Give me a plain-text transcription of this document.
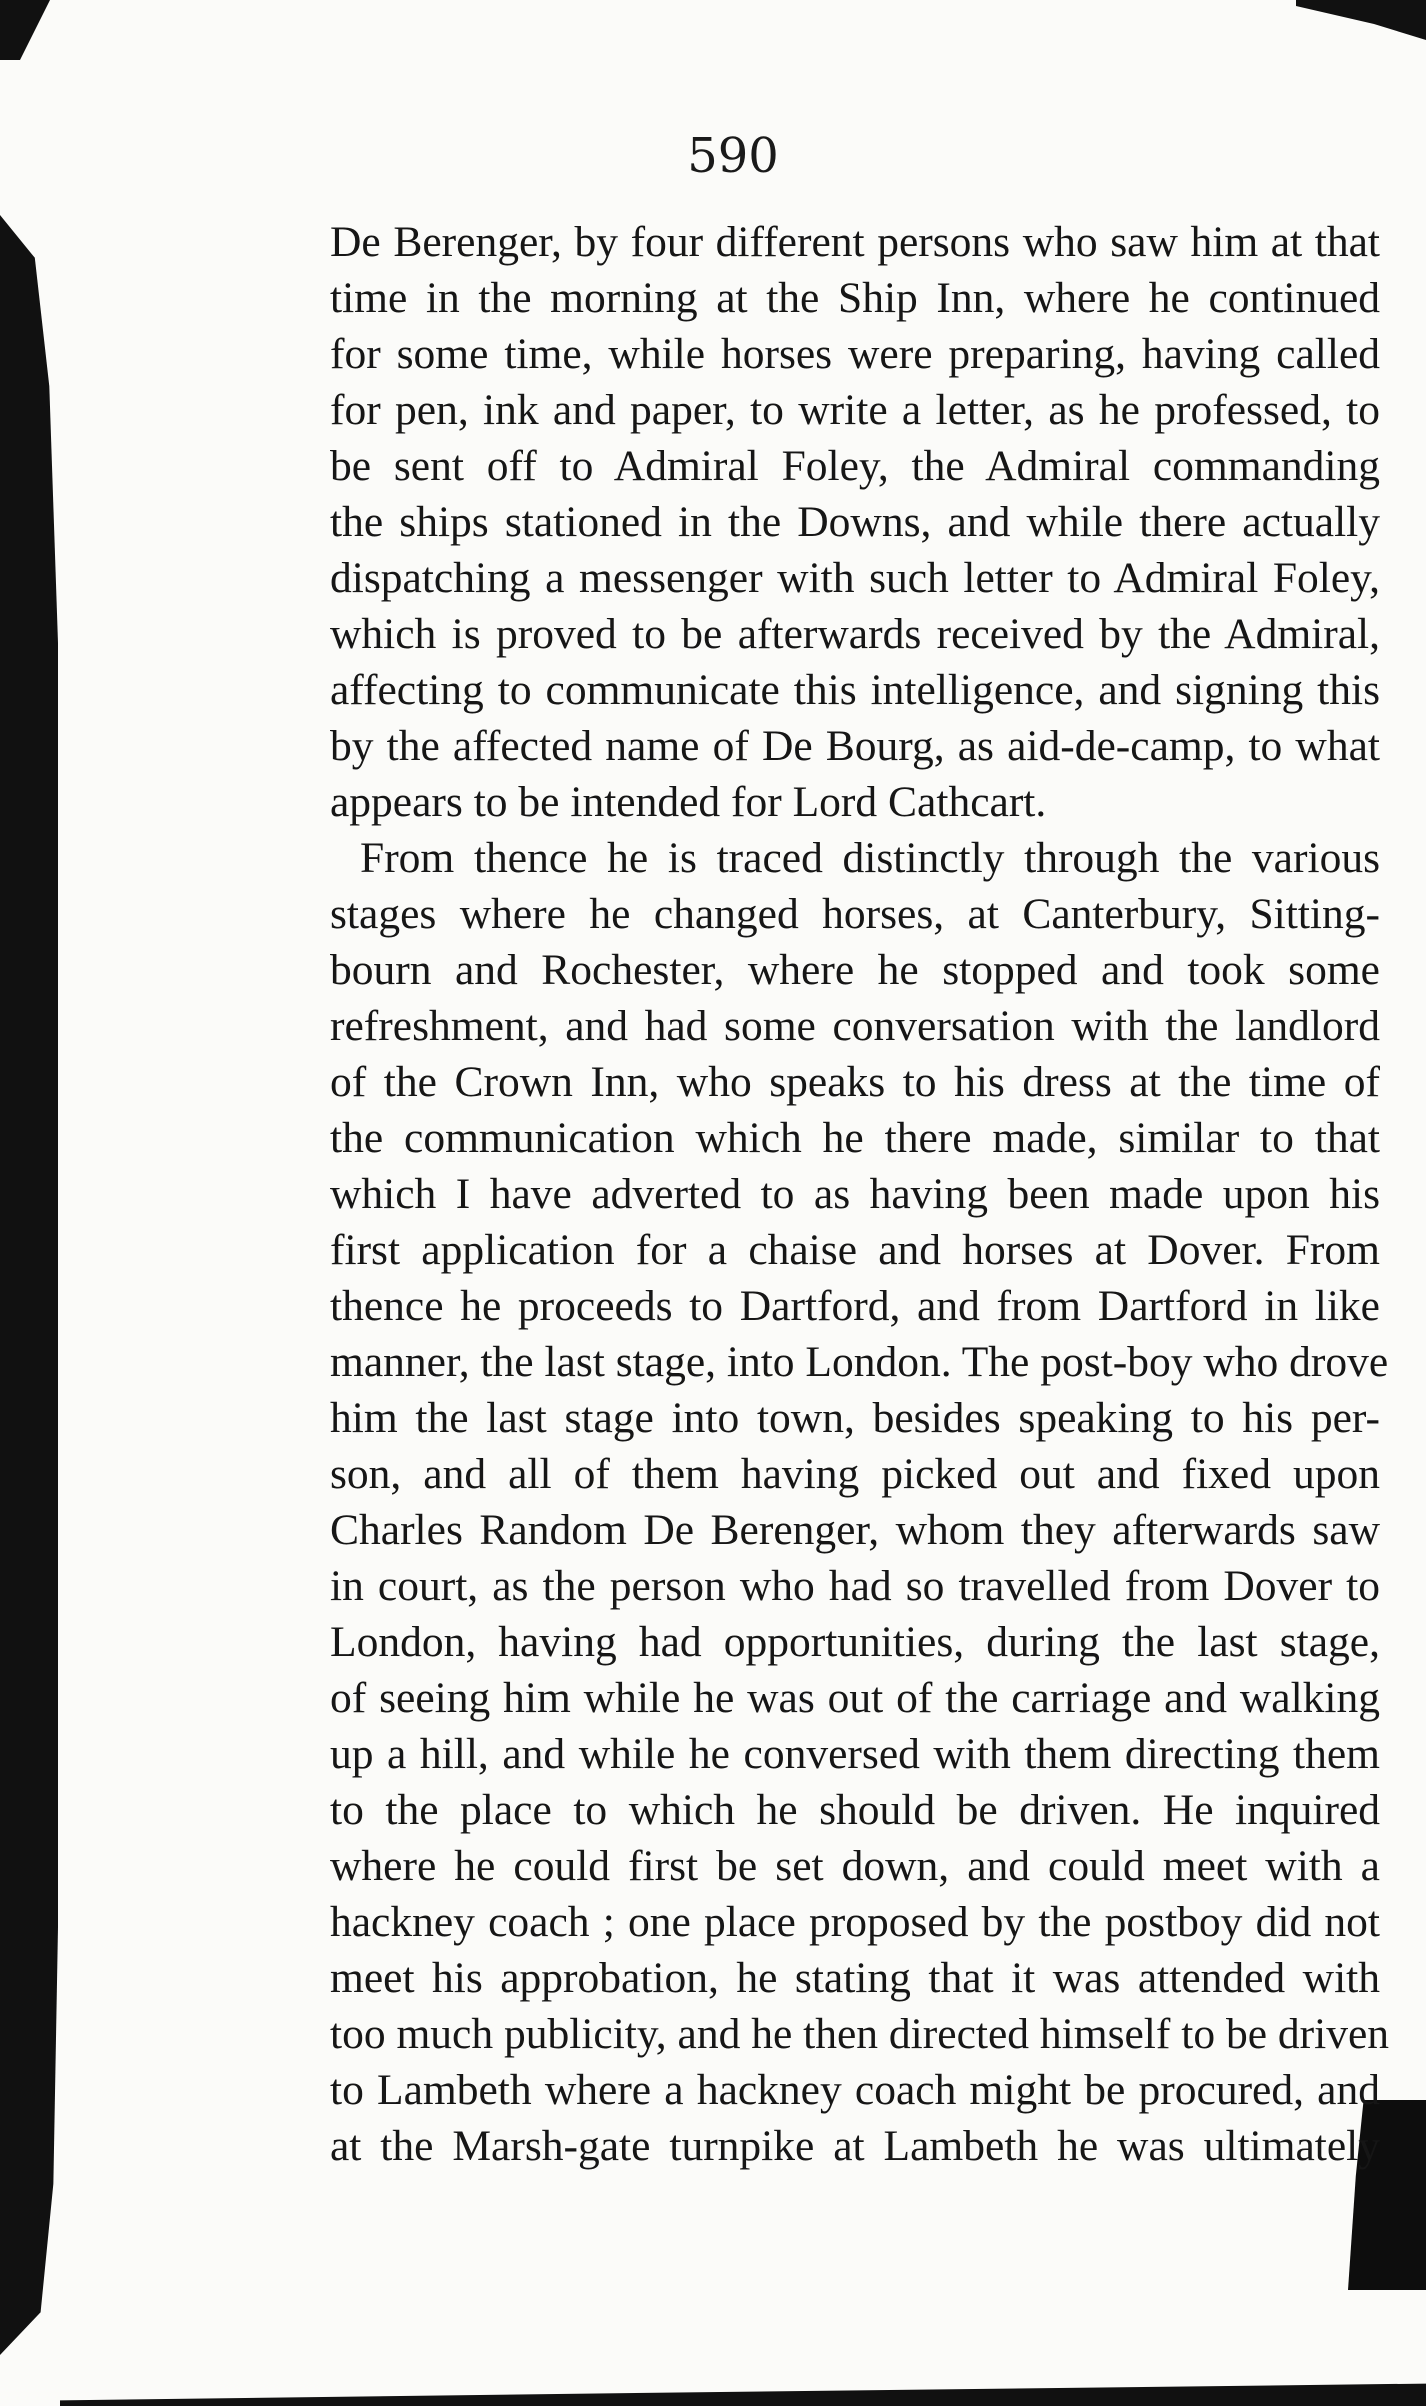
590
De Berenger, by four different persons who saw him at that
time in the morning at the Ship Inn, where he continued
for some time, while horses were preparing, having called
for pen, ink and paper, to write a letter, as he professed, to
be sent off to Admiral Foley, the Admiral commanding
the ships stationed in the Downs, and while there actually
dispatching a messenger with such letter to Admiral Foley,
which is proved to be afterwards received by the Admiral,
affecting to communicate this intelligence, and signing this
by the affected name of De Bourg, as aid-de-camp, to what
appears to be intended for Lord Cathcart.
From thence he is traced distinctly through the various
stages where he changed horses, at Canterbury, Sitting-
bourn and Rochester, where he stopped and took some
refreshment, and had some conversation with the landlord
of the Crown Inn, who speaks to his dress at the time of
the communication which he there made, similar to that
which I have adverted to as having been made upon his
first application for a chaise and horses at Dover. From
thence he proceeds to Dartford, and from Dartford in like
manner, the last stage, into London. The post-boy who drove
him the last stage into town, besides speaking to his per-
son, and all of them having picked out and fixed upon
Charles Random De Berenger, whom they afterwards saw
in court, as the person who had so travelled from Dover to
London, having had opportunities, during the last stage,
of seeing him while he was out of the carriage and walking
up a hill, and while he conversed with them directing them
to the place to which he should be driven. He inquired
where he could first be set down, and could meet with a
hackney coach ; one place proposed by the postboy did not
meet his approbation, he stating that it was attended with
too much publicity, and he then directed himself to be driven
to Lambeth where a hackney coach might be procured, and
at the Marsh-gate turnpike at Lambeth he was ultimately
